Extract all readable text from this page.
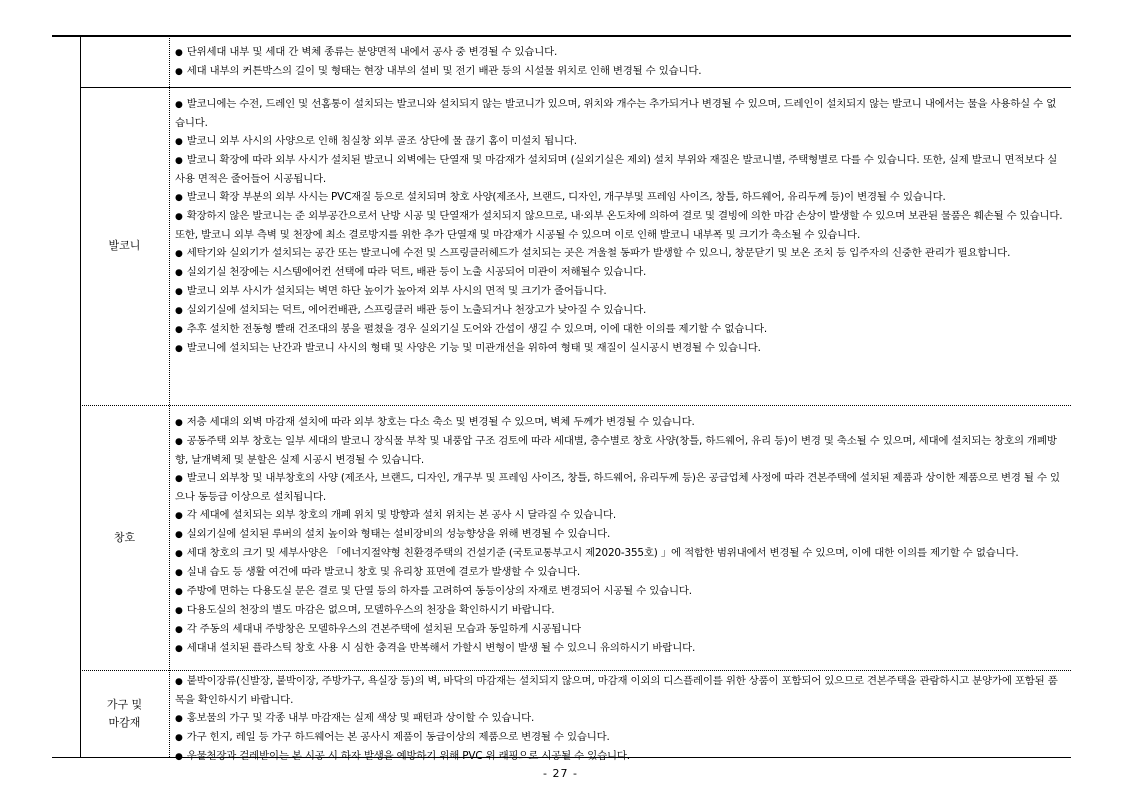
● 단위세대 내부 및 세대 간 벽체 종류는 분양면적 내에서 공사 중 변경될 수 있습니다.
● 세대 내부의 커튼박스의 길이 및 형태는 현장 내부의 설비 및 전기 배관 등의 시설물 위치로 인해 변경될 수 있습니다.
발코니
● 발코니에는 수전, 드레인 및 선홈통이 설치되는 발코니와 설치되지 않는 발코니가 있으며, 위치와 개수는 추가되거나 변경될 수 있으며, 드레인이 설치되지 않는 발코니 내에서는 물을 사용하실 수 없습니다.
● 발코니 외부 사시의 사양으로 인해 침실창 외부 골조 상단에 물 끊기 홈이 미설치 됩니다.
● 발코니 확장에 따라 외부 사시가 설치된 발코니 외벽에는 단열재 및 마감재가 설치되며 (실외기실은 제외) 설치 부위와 재질은 발코니별, 주택형별로 다를 수 있습니다. 또한, 실제 발코니 면적보다 실사용 면적은 줄어들어 시공됩니다.
● 발코니 확장 부분의 외부 사시는 PVC재질 등으로 설치되며 창호 사양(제조사, 브랜드, 디자인, 개구부및 프레임 사이즈, 창틀, 하드웨어, 유리두께 등)이 변경될 수 있습니다.
● 확장하지 않은 발코니는 준 외부공간으로서 난방 시공 및 단열재가 설치되지 않으므로, 내·외부 온도차에 의하여 결로 및 결빙에 의한 마감 손상이 발생할 수 있으며 보관된 물품은 훼손될 수 있습니다. 또한, 발코니 외부 측벽 및 천장에 최소 결로방지를 위한 추가 단열재 및 마감재가 시공될 수 있으며 이로 인해 발코니 내부폭 및 크기가 축소될 수 있습니다.
● 세탁기와 실외기가 설치되는 공간 또는 발코니에 수전 및 스프링클러헤드가 설치되는 곳은 겨울철 동파가 발생할 수 있으니, 창문닫기 및 보온 조치 등 입주자의 신중한 관리가 필요합니다.
● 실외기실 천장에는 시스템에어컨 선택에 따라 덕트, 배관 등이 노출 시공되어 미관이 저해될수 있습니다.
● 발코니 외부 사시가 설치되는 벽면 하단 높이가 높아져 외부 사시의 면적 및 크기가 줄어듭니다.
● 실외기실에 설치되는 덕트, 에어컨배관, 스프링클러 배관 등이 노출되거나 천장고가 낮아질 수 있습니다.
● 추후 설치한 전동형 빨래 건조대의 봉을 펼쳤을 경우 실외기실 도어와 간섭이 생길 수 있으며, 이에 대한 이의를 제기할 수 없습니다.
● 발코니에 설치되는 난간과 발코니 사시의 형태 및 사양은 기능 및 미관개선을 위하여 형태 및 재질이 실시공시 변경될 수 있습니다.
창호
● 저층 세대의 외벽 마감재 설치에 따라 외부 창호는 다소 축소 및 변경될 수 있으며, 벽체 두께가 변경될 수 있습니다.
● 공동주택 외부 창호는 일부 세대의 발코니 장식물 부착 및 내풍압 구조 검토에 따라 세대별, 층수별로 창호 사양(창틀, 하드웨어, 유리 등)이 변경 및 축소될 수 있으며, 세대에 설치되는 창호의 개폐방향, 날개벽체 및 분할은 실제 시공시 변경될 수 있습니다.
● 발코니 외부창 및 내부창호의 사양 (제조사, 브랜드, 디자인, 개구부 및 프레임 사이즈, 창틀, 하드웨어, 유리두께 등)은 공급업체 사정에 따라 견본주택에 설치된 제품과 상이한 제품으로 변경 될 수 있으나 동등급 이상으로 설치됩니다.
● 각 세대에 설치되는 외부 창호의 개폐 위치 및 방향과 설치 위치는 본 공사 시 달라질 수 있습니다.
● 실외기실에 설치된 루버의 설치 높이와 형태는 설비장비의 성능향상을 위해 변경될 수 있습니다.
● 세대 창호의 크기 및 세부사양은 「에너지절약형 친환경주택의 건설기준 (국토교통부고시 제2020-355호) 」에 적합한 범위내에서 변경될 수 있으며, 이에 대한 이의를 제기할 수 없습니다.
● 실내 습도 등 생활 여건에 따라 발코니 창호 및 유리창 표면에 결로가 발생할 수 있습니다.
● 주방에 면하는 다용도실 문은 결로 및 단열 등의 하자를 고려하여 동등이상의 자재로 변경되어 시공될 수 있습니다.
● 다용도실의 천장의 별도 마감은 없으며, 모델하우스의 천장을 확인하시기 바랍니다.
● 각 주동의 세대내 주방창은 모델하우스의 견본주택에 설치된 모습과 동일하게 시공됩니다
● 세대내 설치된 플라스틱 창호 사용 시 심한 충격을 반복해서 가할시 변형이 발생 될 수 있으니 유의하시기 바랍니다.
가구 및
마감재
● 붙박이장류(신발장, 붙박이장, 주방가구, 욕실장 등)의 벽, 바닥의 마감재는 설치되지 않으며, 마감재 이외의 디스플레이를 위한 상품이 포함되어 있으므로 견본주택을 관람하시고 분양가에 포함된 품목을 확인하시기 바랍니다.
● 홍보물의 가구 및 각종 내부 마감재는 실제 색상 및 패턴과 상이할 수 있습니다.
● 가구 힌지, 레일 등 가구 하드웨어는 본 공사시 제품이 동급이상의 제품으로 변경될 수 있습니다.
● 우물천장과 걸레받이는 본 시공 시 하자 발생을 예방하기 위해 PVC 위 래핑으로 시공될 수 있습니다.
- 27 -
